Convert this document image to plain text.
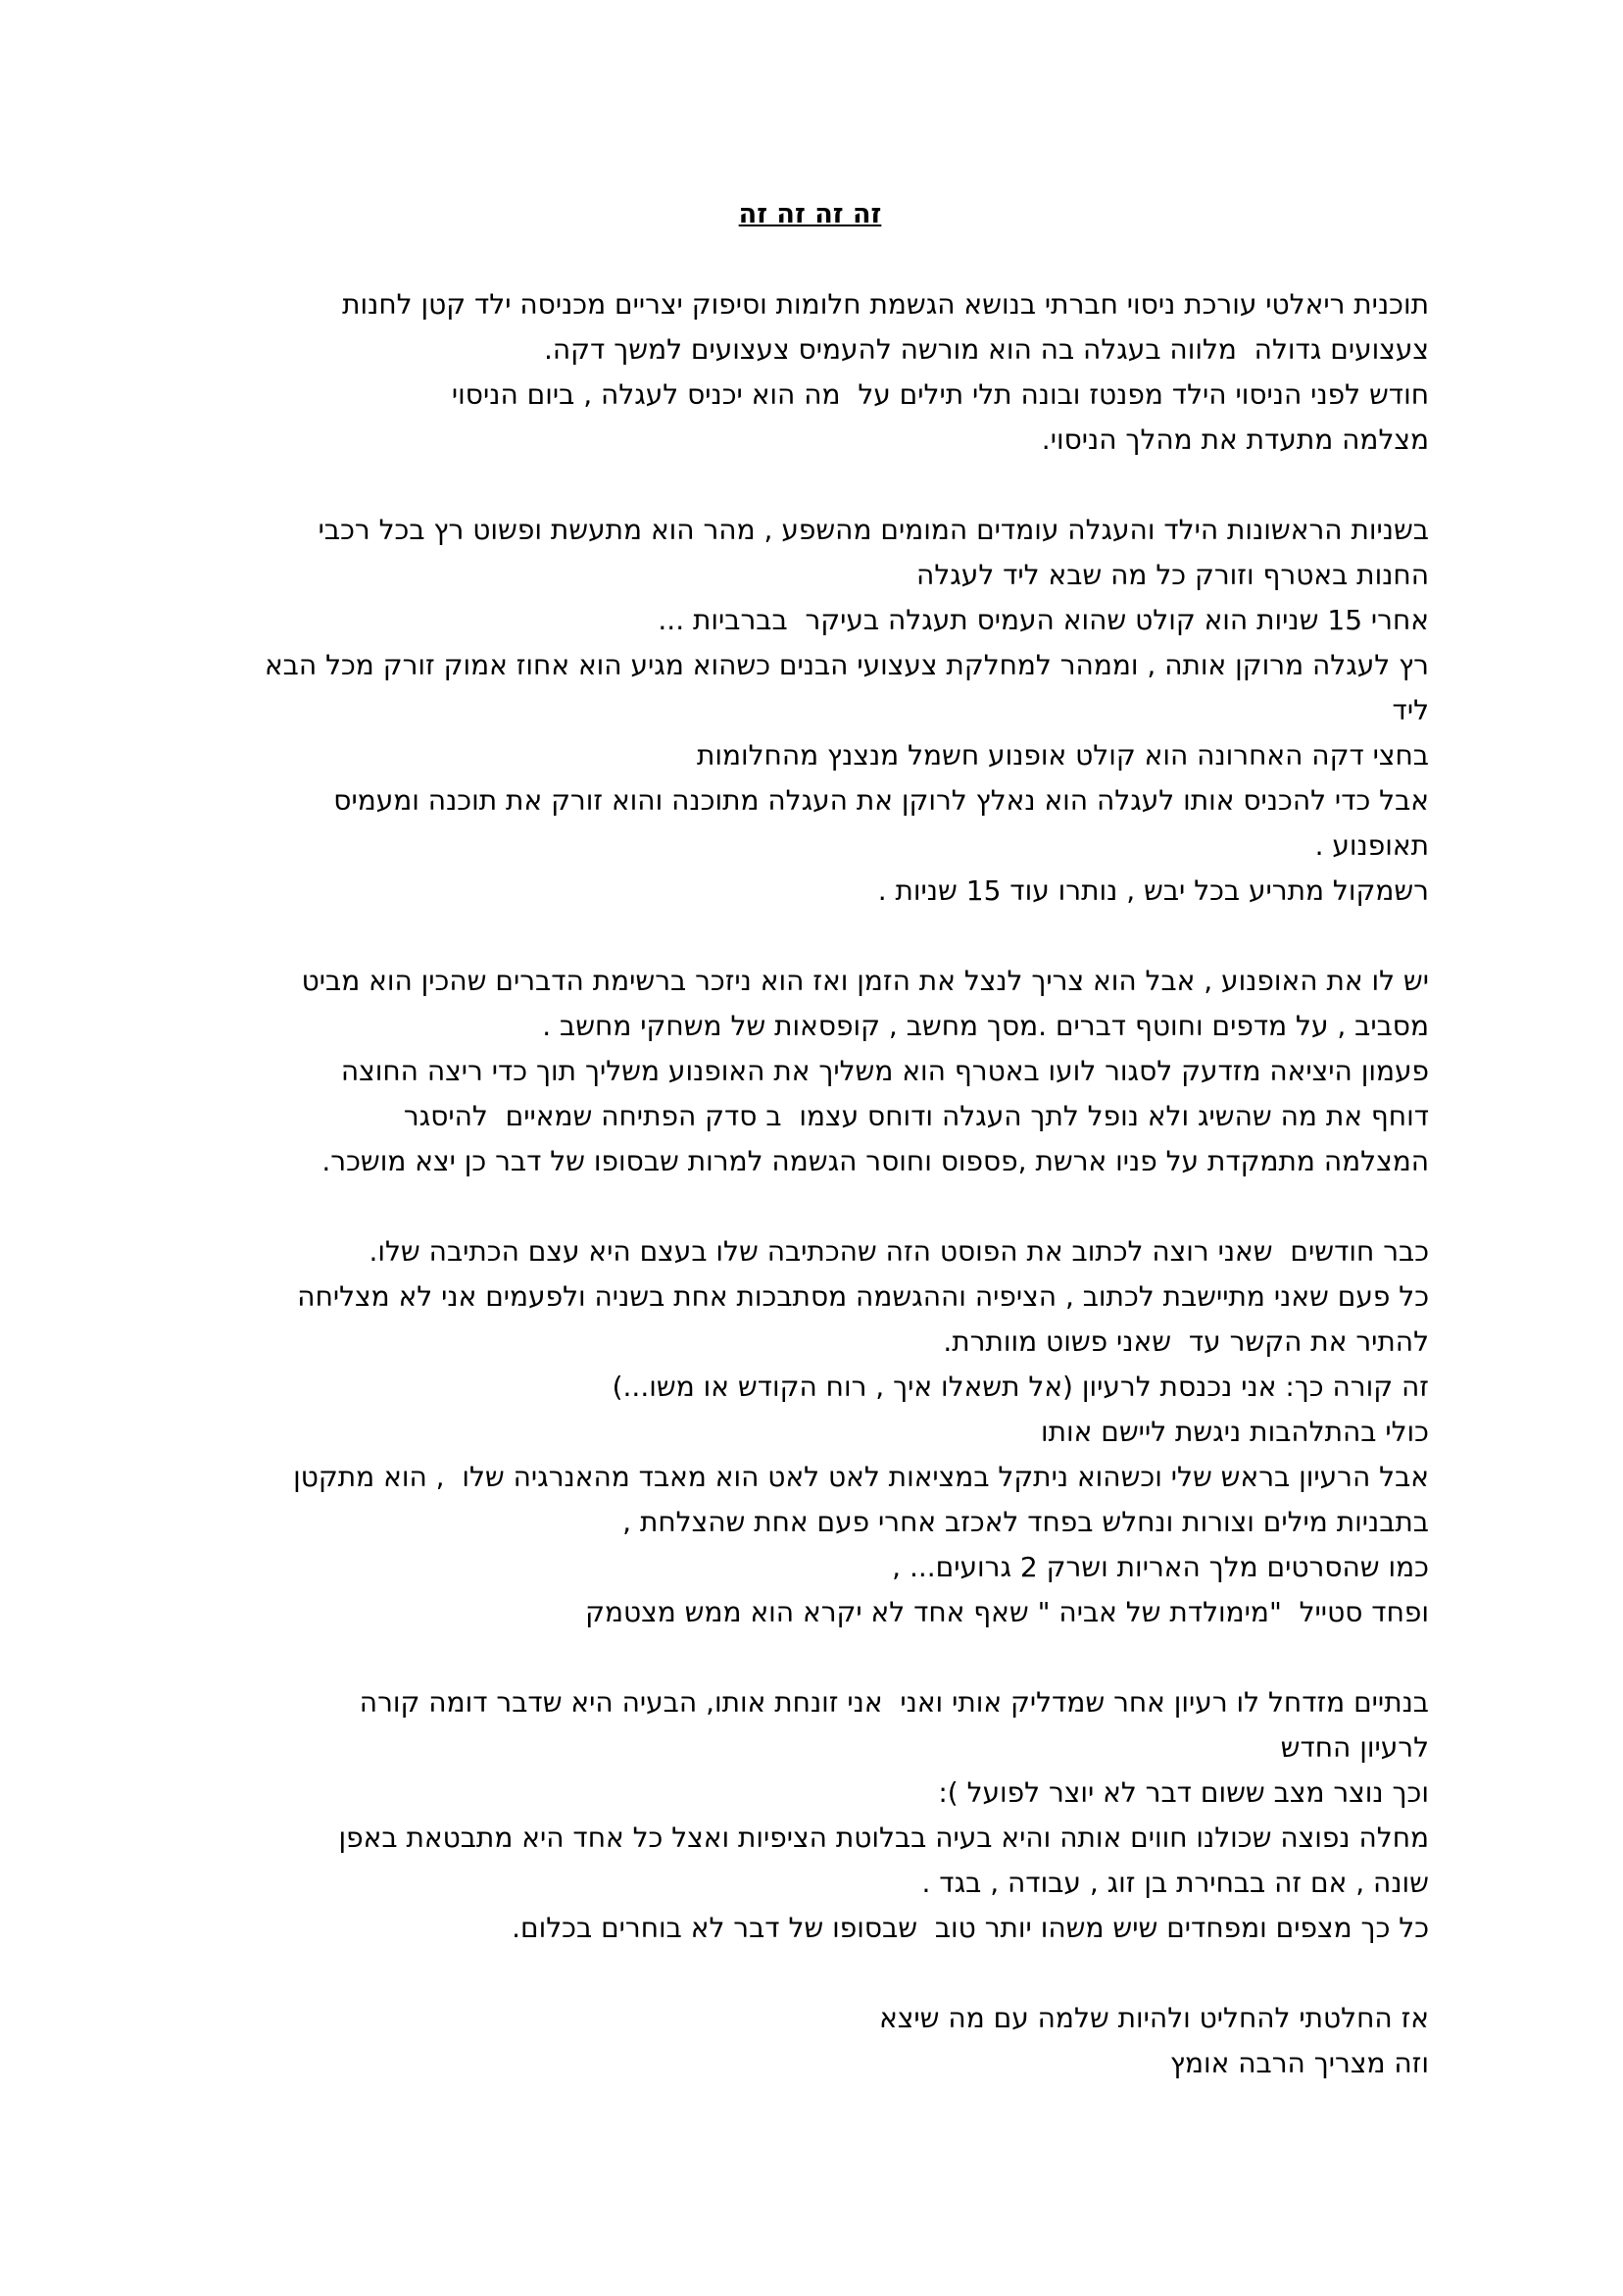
זה זה זה זה
תוכנית ריאלטי עורכת ניסוי חברתי בנושא הגשמת חלומות וסיפוק יצריים מכניסה ילד קטן לחנות
צעצועים גדולה  מלווה בעגלה בה הוא מורשה להעמיס צעצועים למשך דקה.
חודש לפני הניסוי הילד מפנטז ובונה תלי תילים על  מה הוא יכניס לעגלה , ביום הניסוי
מצלמה מתעדת את מהלך הניסוי.
בשניות הראשונות הילד והעגלה עומדים המומים מהשפע , מהר הוא מתעשת ופשוט רץ בכל רכבי
החנות באטרף וזורק כל מה שבא ליד לעגלה
אחרי 15 שניות הוא קולט שהוא העמיס תעגלה בעיקר  בברביות ...
רץ לעגלה מרוקן אותה , וממהר למחלקת צעצועי הבנים כשהוא מגיע הוא אחוז אמוק זורק מכל הבא
ליד
בחצי דקה האחרונה הוא קולט אופנוע חשמל מנצנץ מהחלומות
אבל כדי להכניס אותו לעגלה הוא נאלץ לרוקן את העגלה מתוכנה והוא זורק את תוכנה ומעמיס
תאופנוע .
רשמקול מתריע בכל יבש , נותרו עוד 15 שניות .
יש לו את האופנוע , אבל הוא צריך לנצל את הזמן ואז הוא ניזכר ברשימת הדברים שהכין הוא מביט
מסביב , על מדפים וחוטף דברים .מסך מחשב , קופסאות של משחקי מחשב .
פעמון היציאה מזדעק לסגור לועו באטרף הוא משליך את האופנוע משליך תוך כדי ריצה החוצה
דוחף את מה שהשיג ולא נופל לתך העגלה ודוחס עצמו  ב סדק הפתיחה שמאיים  להיסגר
המצלמה מתמקדת על פניו ארשת ,פספוס וחוסר הגשמה למרות שבסופו של דבר כן יצא מושכר.
כבר חודשים  שאני רוצה לכתוב את הפוסט הזה שהכתיבה שלו בעצם היא עצם הכתיבה שלו.
כל פעם שאני מתיישבת לכתוב , הציפיה וההגשמה מסתבכות אחת בשניה ולפעמים אני לא מצליחה
להתיר את הקשר עד  שאני פשוט מוותרת.
זה קורה כך: אני נכנסת לרעיון (אל תשאלו איך , רוח הקודש או משו...)
כולי בהתלהבות ניגשת ליישם אותו
אבל הרעיון בראש שלי וכשהוא ניתקל במציאות לאט לאט הוא מאבד מהאנרגיה שלו  , הוא מתקטן
בתבניות מילים וצורות ונחלש בפחד לאכזב אחרי פעם אחת שהצלחת ,
כמו שהסרטים מלך האריות ושרק 2 גרועים... ,
ופחד סטייל  "מימולדת של אביה " שאף אחד לא יקרא הוא ממש מצטמק
בנתיים מזדחל לו רעיון אחר שמדליק אותי ואני  אני זונחת אותו, הבעיה היא שדבר דומה קורה
לרעיון החדש
וכך נוצר מצב ששום דבר לא יוצר לפועל ):
מחלה נפוצה שכולנו חווים אותה והיא בעיה בבלוטת הציפיות ואצל כל אחד היא מתבטאת באפן
שונה , אם זה בבחירת בן זוג , עבודה , בגד .
כל כך מצפים ומפחדים שיש משהו יותר טוב  שבסופו של דבר לא בוחרים בכלום.
אז החלטתי להחליט ולהיות שלמה עם מה שיצא
וזה מצריך הרבה אומץ
